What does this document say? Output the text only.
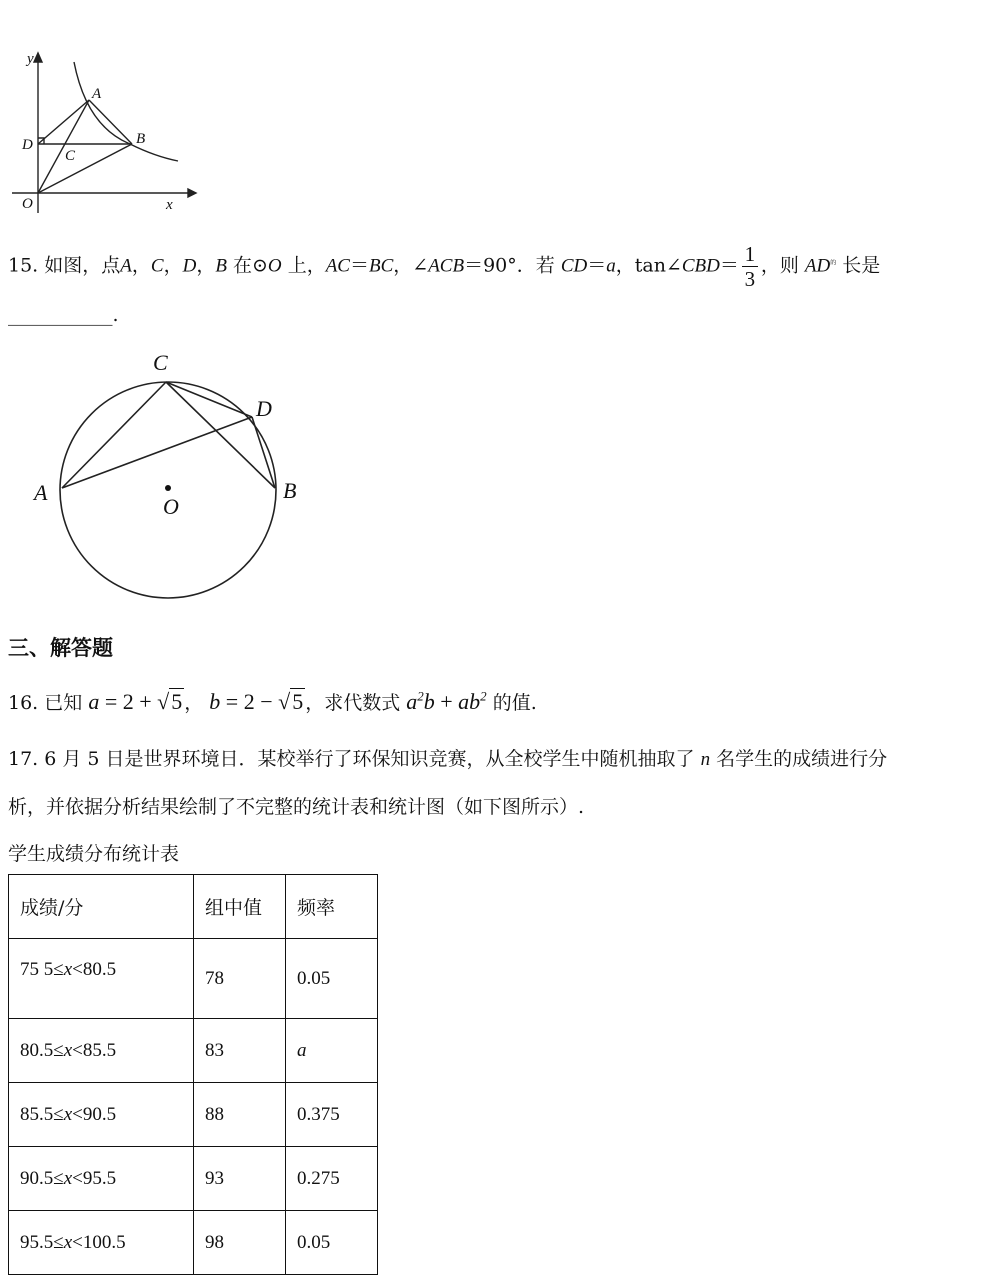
y
x
O
A
B
C
D
15. 如图，点A，C，D，B 在⊙O 上，AC＝BC，∠ACB＝90°．若 CD＝a，tan∠CBD＝ $\frac{1}{3}$ ，则 $AD^的$ 长是
___________.
A	B
C
D
O
三、解答题
16. 已知 a = 2 + √5 ， b = 2 − √5 ，求代数式 $a^2b + ab^2$ 的值.
17. 6 月 5 日是世界环境日．某校举行了环保知识竞赛，从全校学生中随机抽取了 n 名学生的成绩进行分
析，并依据分析结果绘制了不完整的统计表和统计图（如下图所示）.
学生成绩分布统计表
成绩/分	组中值	频率
75 5≤x<80.5	78	0.05
80.5≤x<85.5	83	a
85.5≤x<90.5	88	0.375
90.5≤x<95.5	93	0.275
95.5≤x<100.5	98	0.05
